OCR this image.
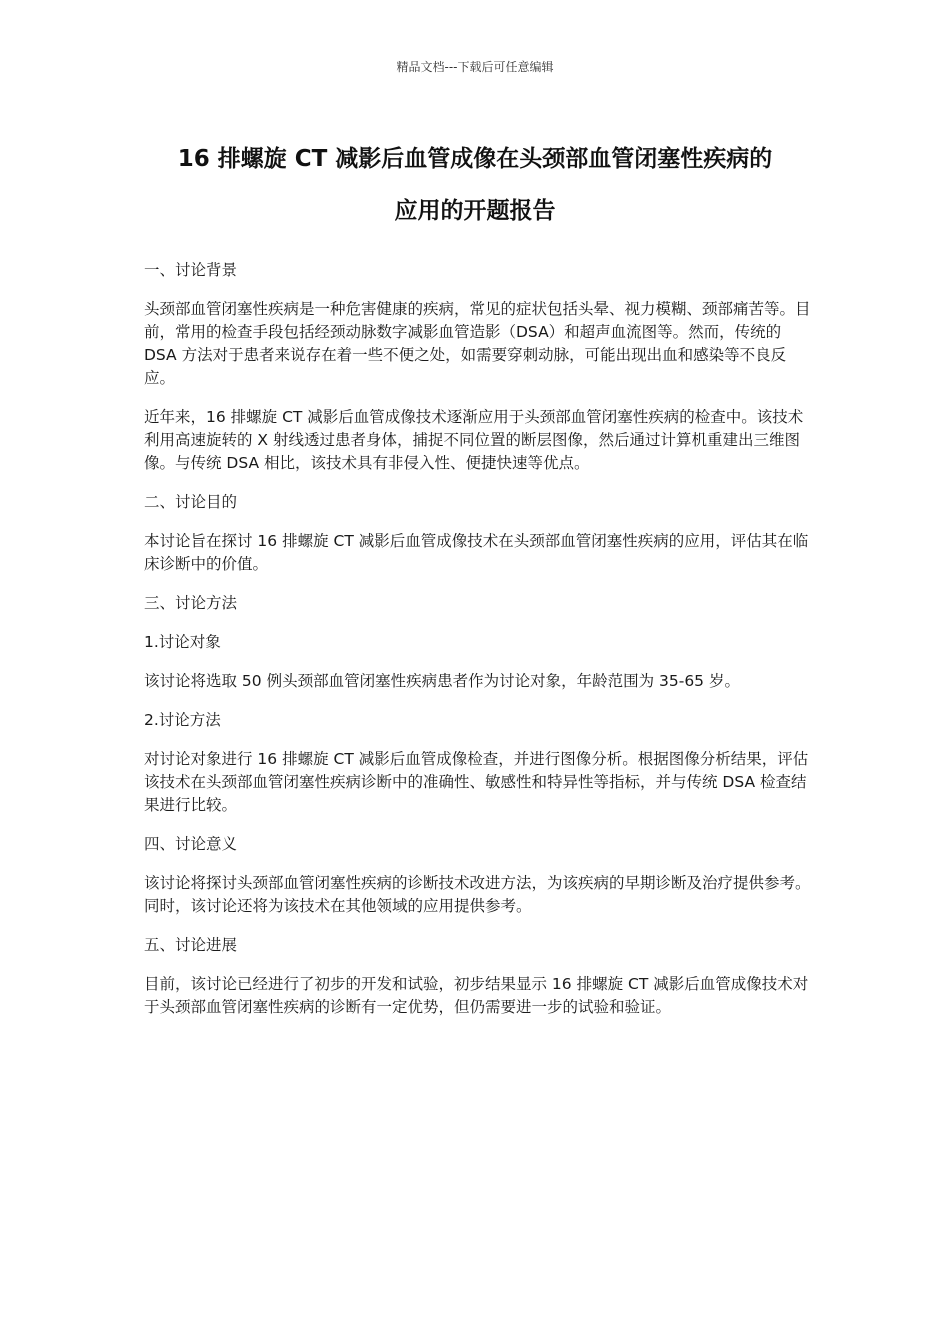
精品文档---下载后可任意编辑
16 排螺旋 CT 减影后血管成像在头颈部血管闭塞性疾病的
应用的开题报告

一、讨论背景

头颈部血管闭塞性疾病是一种危害健康的疾病，常见的症状包括头晕、视力模糊、颈部痛苦等。目前，常用的检查手段包括经颈动脉数字减影血管造影（DSA）和超声血流图等。然而，传统的 DSA 方法对于患者来说存在着一些不便之处，如需要穿刺动脉，可能出现出血和感染等不良反应。

近年来，16 排螺旋 CT 减影后血管成像技术逐渐应用于头颈部血管闭塞性疾病的检查中。该技术利用高速旋转的 X 射线透过患者身体，捕捉不同位置的断层图像，然后通过计算机重建出三维图像。与传统 DSA 相比，该技术具有非侵入性、便捷快速等优点。

二、讨论目的

本讨论旨在探讨 16 排螺旋 CT 减影后血管成像技术在头颈部血管闭塞性疾病的应用，评估其在临床诊断中的价值。

三、讨论方法

1.讨论对象

该讨论将选取 50 例头颈部血管闭塞性疾病患者作为讨论对象，年龄范围为 35-65 岁。

2.讨论方法

对讨论对象进行 16 排螺旋 CT 减影后血管成像检查，并进行图像分析。根据图像分析结果，评估该技术在头颈部血管闭塞性疾病诊断中的准确性、敏感性和特异性等指标，并与传统 DSA 检查结果进行比较。

四、讨论意义

该讨论将探讨头颈部血管闭塞性疾病的诊断技术改进方法，为该疾病的早期诊断及治疗提供参考。同时，该讨论还将为该技术在其他领域的应用提供参考。

五、讨论进展

目前，该讨论已经进行了初步的开发和试验，初步结果显示 16 排螺旋 CT 减影后血管成像技术对于头颈部血管闭塞性疾病的诊断有一定优势，但仍需要进一步的试验和验证。
